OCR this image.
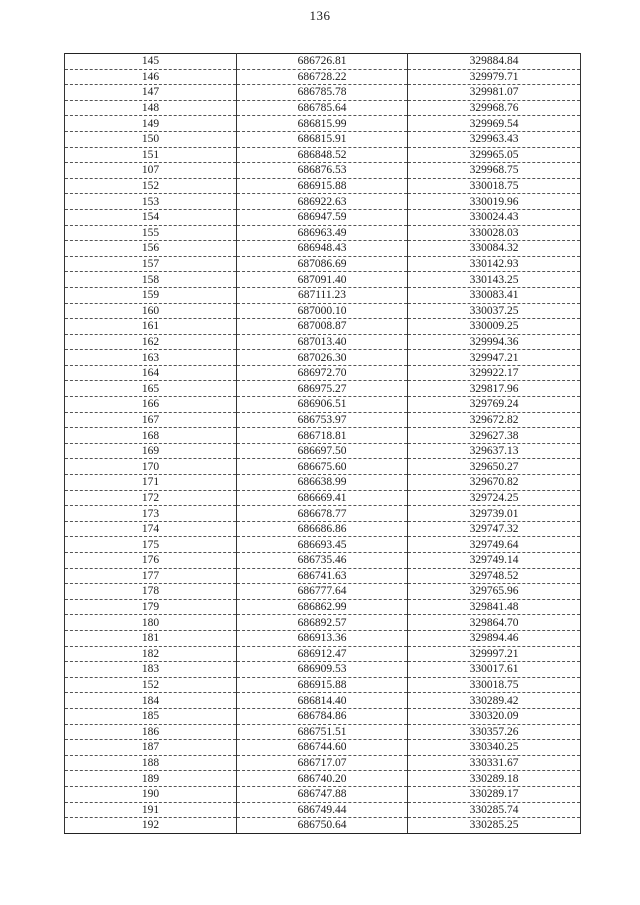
136
145	686726.81	329884.84
146	686728.22	329979.71
147	686785.78	329981.07
148	686785.64	329968.76
149	686815.99	329969.54
150	686815.91	329963.43
151	686848.52	329965.05
107	686876.53	329968.75
152	686915.88	330018.75
153	686922.63	330019.96
154	686947.59	330024.43
155	686963.49	330028.03
156	686948.43	330084.32
157	687086.69	330142.93
158	687091.40	330143.25
159	687111.23	330083.41
160	687000.10	330037.25
161	687008.87	330009.25
162	687013.40	329994.36
163	687026.30	329947.21
164	686972.70	329922.17
165	686975.27	329817.96
166	686906.51	329769.24
167	686753.97	329672.82
168	686718.81	329627.38
169	686697.50	329637.13
170	686675.60	329650.27
171	686638.99	329670.82
172	686669.41	329724.25
173	686678.77	329739.01
174	686686.86	329747.32
175	686693.45	329749.64
176	686735.46	329749.14
177	686741.63	329748.52
178	686777.64	329765.96
179	686862.99	329841.48
180	686892.57	329864.70
181	686913.36	329894.46
182	686912.47	329997.21
183	686909.53	330017.61
152	686915.88	330018.75
184	686814.40	330289.42
185	686784.86	330320.09
186	686751.51	330357.26
187	686744.60	330340.25
188	686717.07	330331.67
189	686740.20	330289.18
190	686747.88	330289.17
191	686749.44	330285.74
192	686750.64	330285.25
